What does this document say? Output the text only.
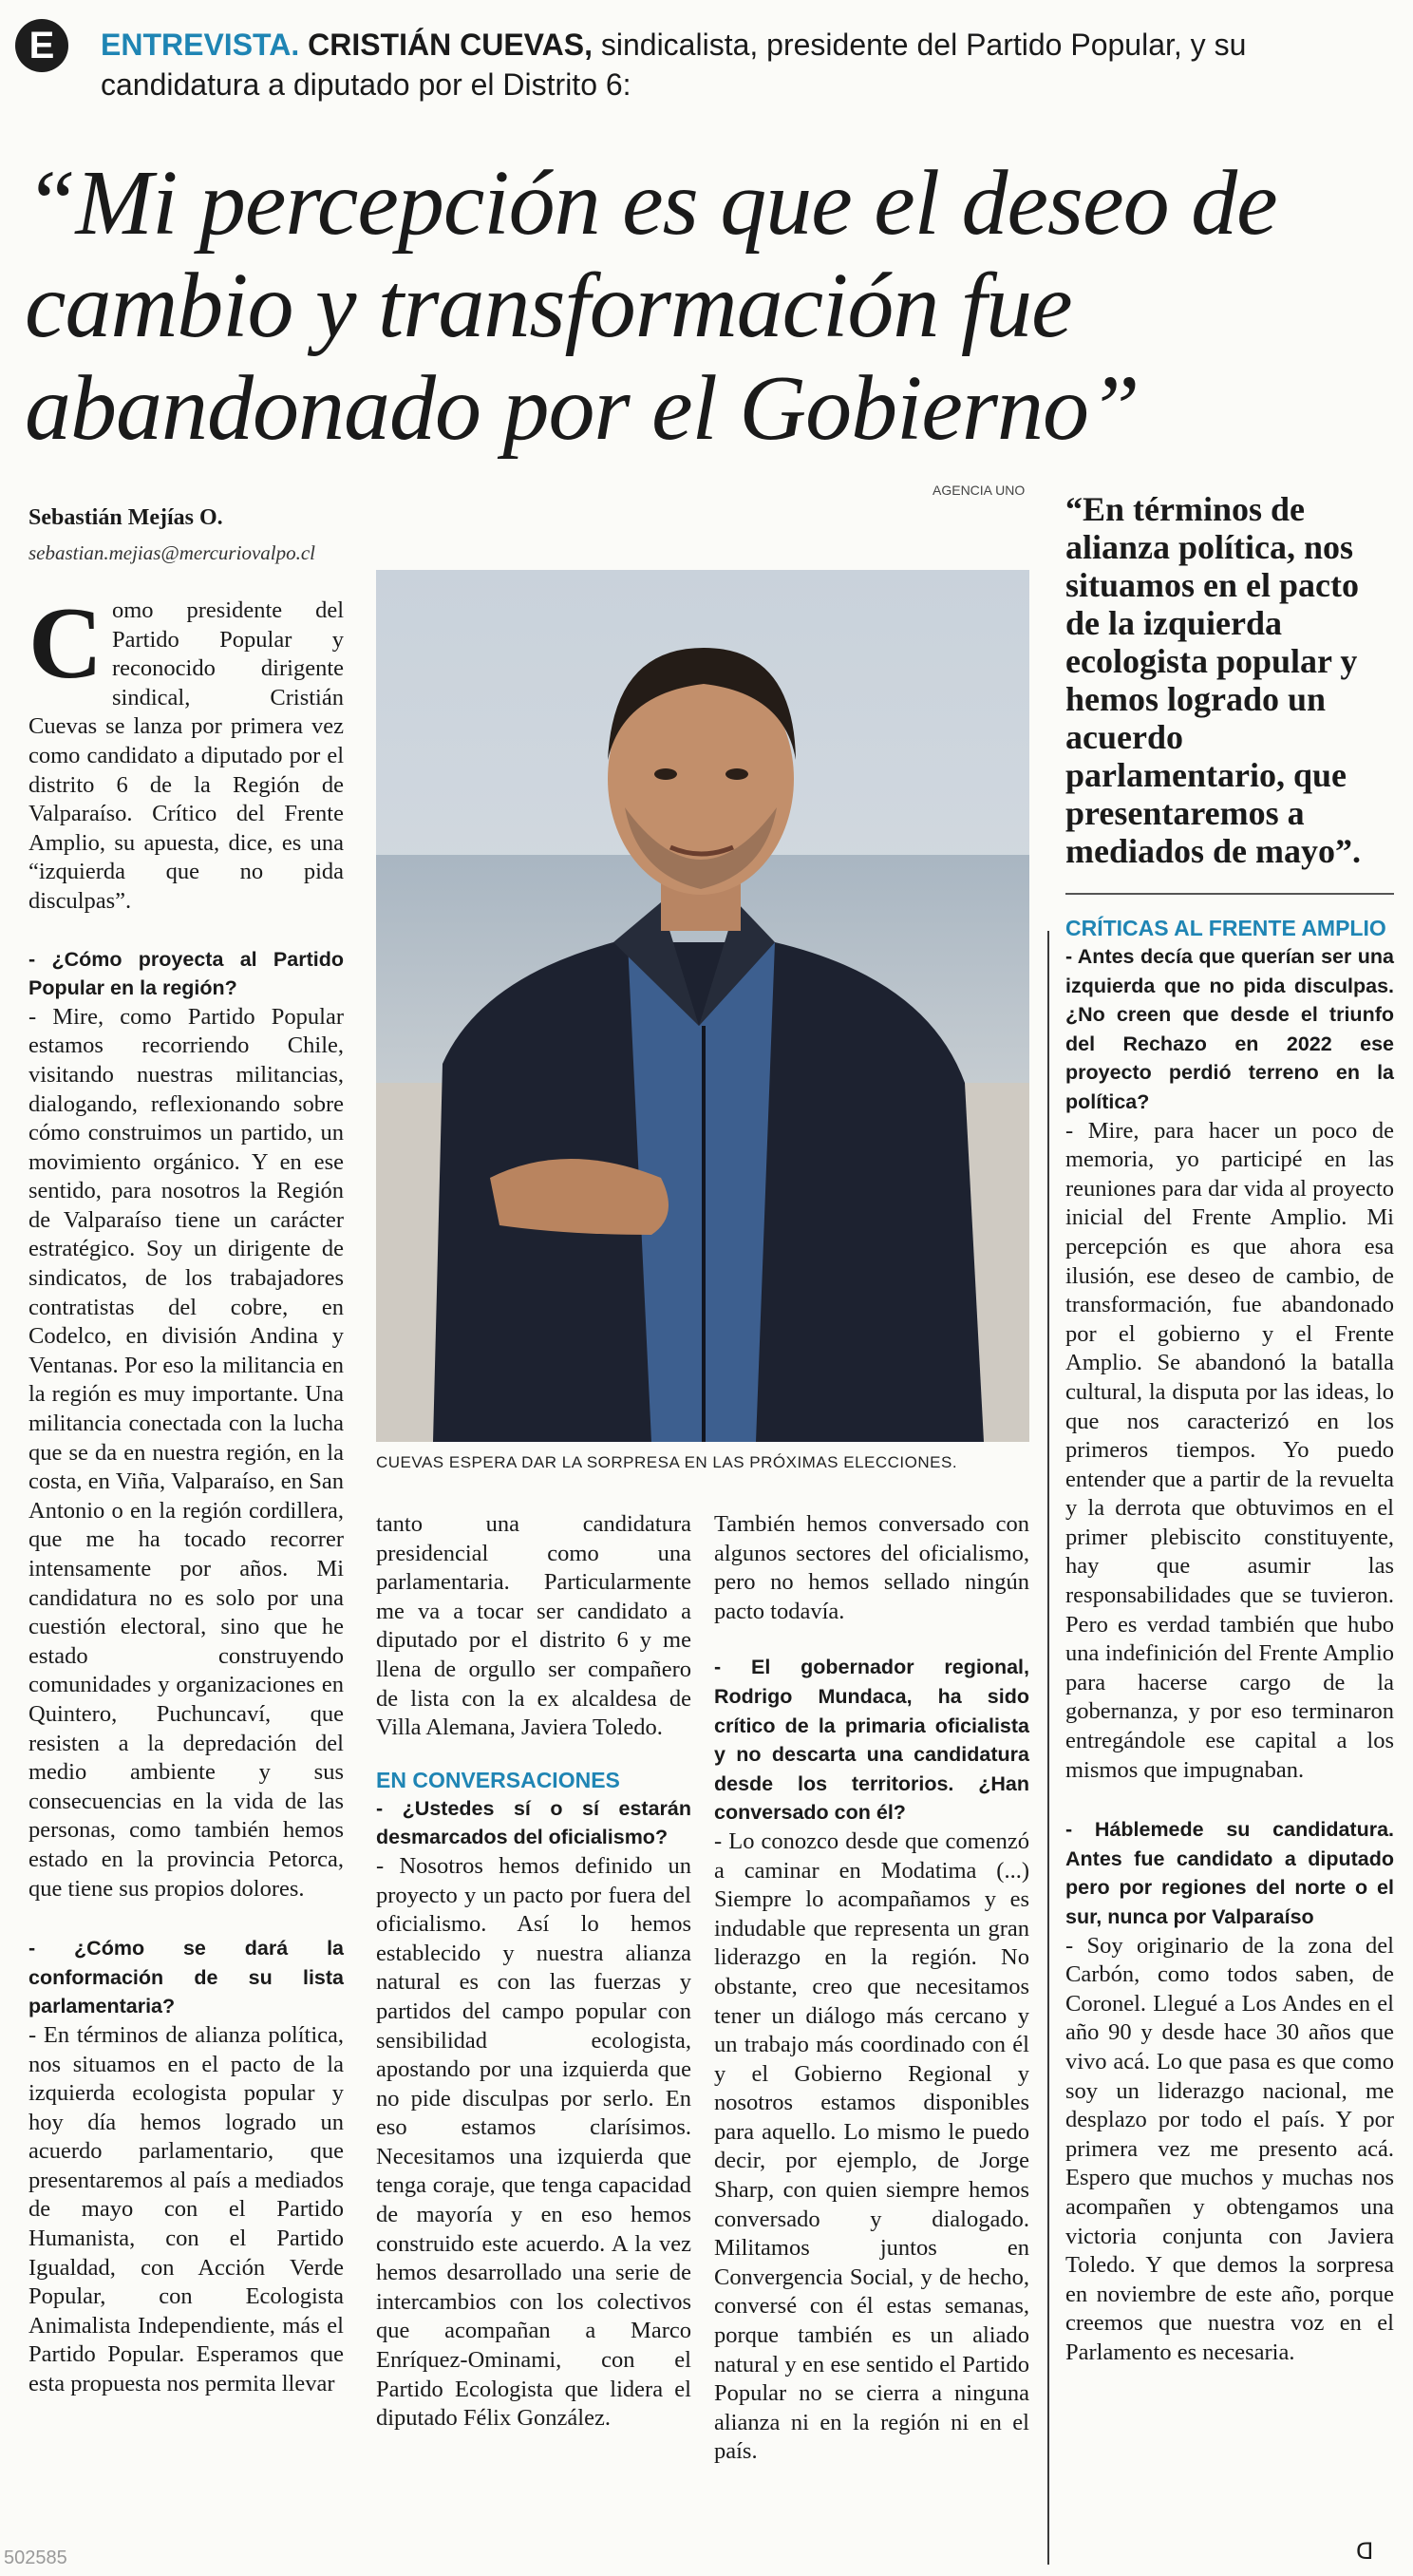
E	ENTREVISTA. CRISTIÁN CUEVAS, sindicalista, presidente del Partido Popular, y su candidatura a diputado por el Distrito 6:
“Mi percepción es que el deseo de cambio y transformación fue abandonado por el Gobierno”
Sebastián Mejías O.
sebastian.mejias@mercuriovalpo.cl
AGENCIA UNO
CUEVAS ESPERA DAR LA SORPRESA EN LAS PRÓXIMAS ELECCIONES.
“En términos de alianza política, nos situamos en el pacto de la izquierda ecologista popular y hemos logrado un acuerdo parlamentario, que presentaremos a mediados de mayo”.

Como presidente del Partido Popular y reconocido dirigente sindical, Cristián Cuevas se lanza por primera vez como candidato a diputado por el distrito 6 de la Región de Valparaíso. Crítico del Frente Amplio, su apuesta, dice, es una “izquierda que no pida disculpas”.

- ¿Cómo proyecta al Partido Popular en la región?

- Mire, como Partido Popular estamos recorriendo Chile, visitando nuestras militancias, dialogando, reflexionando sobre cómo construimos un partido, un movimiento orgánico. Y en ese sentido, para nosotros la Región de Valparaíso tiene un carácter estratégico. Soy un dirigente de sindicatos, de los trabajadores contratistas del cobre, en Codelco, en división Andina y Ventanas. Por eso la militancia en la región es muy importante. Una militancia conectada con la lucha que se da en nuestra región, en la costa, en Viña, Valparaíso, en San Antonio o en la región cordillera, que me ha tocado recorrer intensamente por años. Mi candidatura no es solo por una cuestión electoral, sino que he estado construyendo comunidades y organizaciones en Quintero, Puchuncaví, que resisten a la depredación del medio ambiente y sus consecuencias en la vida de las personas, como también hemos estado en la provincia Petorca, que tiene sus propios dolores.

- ¿Cómo se dará la conformación de su lista parlamentaria?

- En términos de alianza política, nos situamos en el pacto de la izquierda ecologista popular y hoy día hemos logrado un acuerdo parlamentario, que presentaremos al país a mediados de mayo con el Partido Humanista, con el Partido Igualdad, con Acción Verde Popular, con Ecologista Animalista Independiente, más el Partido Popular. Esperamos que esta propuesta nos permita llevar

tanto una candidatura presidencial como una parlamentaria. Particularmente me va a tocar ser candidato a diputado por el distrito 6 y me llena de orgullo ser compañero de lista con la ex alcaldesa de Villa Alemana, Javiera Toledo.

EN CONVERSACIONES

- ¿Ustedes sí o sí estarán desmarcados del oficialismo?

- Nosotros hemos definido un proyecto y un pacto por fuera del oficialismo. Así lo hemos establecido y nuestra alianza natural es con las fuerzas y partidos del campo popular con sensibilidad ecologista, apostando por una izquierda que no pide disculpas por serlo. En eso estamos clarísimos. Necesitamos una izquierda que tenga coraje, que tenga capacidad de mayoría y en eso hemos construido este acuerdo. A la vez hemos desarrollado una serie de intercambios con los colectivos que acompañan a Marco Enríquez-Ominami, con el Partido Ecologista que lidera el diputado Félix González.

También hemos conversado con algunos sectores del oficialismo, pero no hemos sellado ningún pacto todavía.

- El gobernador regional, Rodrigo Mundaca, ha sido crítico de la primaria oficialista y no descarta una candidatura desde los territorios. ¿Han conversado con él?

- Lo conozco desde que comenzó a caminar en Modatima (...) Siempre lo acompañamos y es indudable que representa un gran liderazgo en la región. No obstante, creo que necesitamos tener un diálogo más cercano y un trabajo más coordinado con él y el Gobierno Regional y nosotros estamos disponibles para aquello. Lo mismo le puedo decir, por ejemplo, de Jorge Sharp, con quien siempre hemos conversado y dialogado. Militamos juntos en Convergencia Social, y de hecho, conversé con él estas semanas, porque también es un aliado natural y en ese sentido el Partido Popular no se cierra a ninguna alianza ni en la región ni en el país.

CRÍTICAS AL FRENTE AMPLIO

- Antes decía que querían ser una izquierda que no pida disculpas. ¿No creen que desde el triunfo del Rechazo en 2022 ese proyecto perdió terreno en la política?

- Mire, para hacer un poco de memoria, yo participé en las reuniones para dar vida al proyecto inicial del Frente Amplio. Mi percepción es que ahora esa ilusión, ese deseo de cambio, de transformación, fue abandonado por el gobierno y el Frente Amplio. Se abandonó la batalla cultural, la disputa por las ideas, lo que nos caracterizó en los primeros tiempos. Yo puedo entender que a partir de la revuelta y la derrota que obtuvimos en el primer plebiscito constituyente, hay que asumir las responsabilidades que se tuvieron. Pero es verdad también que hubo una indefinición del Frente Amplio para hacerse cargo de la gobernanza, y por eso terminaron entregándole ese capital a los mismos que impugnaban.

- Háblemede su candidatura. Antes fue candidato a diputado pero por regiones del norte o el sur, nunca por Valparaíso

- Soy originario de la zona del Carbón, como todos saben, de Coronel. Llegué a Los Andes en el año 90 y desde hace 30 años que vivo acá. Lo que pasa es que como soy un liderazgo nacional, me desplazo por todo el país. Y por primera vez me presento acá. Espero que muchos y muchas nos acompañen y obtengamos una victoria conjunta con Javiera Toledo. Y que demos la sorpresa en noviembre de este año, porque creemos que nuestra voz en el Parlamento es necesaria.

502585	ᗡ
